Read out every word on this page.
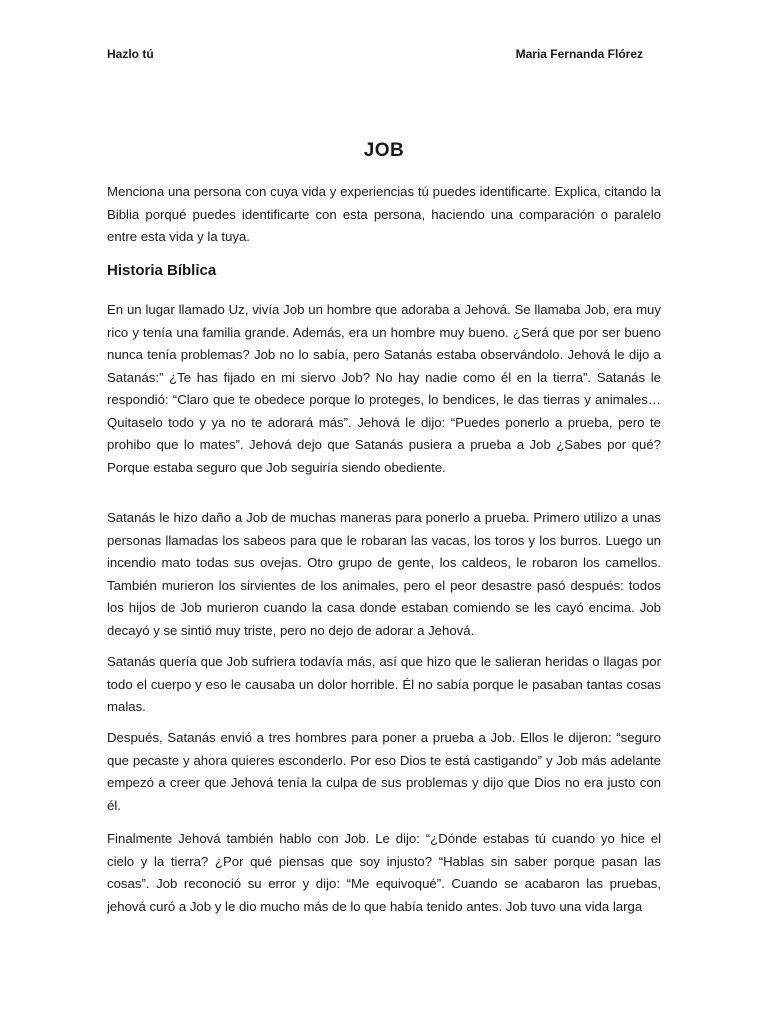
Hazlo tú	Maria Fernanda Flórez
JOB

Menciona una persona con cuya vida y experiencias tú puedes identificarte. Explica, citando la Biblia porqué puedes identificarte con esta persona, haciendo una comparación o paralelo entre esta vida y la tuya.

Historia Bíblica

En un lugar llamado Uz, vivía Job un hombre que adoraba a Jehová. Se llamaba Job, era muy rico y tenía una familia grande. Además, era un hombre muy bueno. ¿Será que por ser bueno nunca tenía problemas? Job no lo sabía, pero Satanás estaba observándolo. Jehová le dijo a Satanás:” ¿Te has fijado en mi siervo Job? No hay nadie como él en la tierra”. Satanás le respondió: “Claro que te obedece porque lo proteges, lo bendices, le das tierras y animales… Quitaselo todo y ya no te adorará más”. Jehová le dijo: “Puedes ponerlo a prueba, pero te prohibo que lo mates”. Jehová dejo que Satanás pusiera a prueba a Job ¿Sabes por qué? Porque estaba seguro que Job seguiría siendo obediente.

Satanás le hizo daño a Job de muchas maneras para ponerlo a prueba. Primero utilizo a unas personas llamadas los sabeos para que le robaran las vacas, los toros y los burros. Luego un incendio mato todas sus ovejas. Otro grupo de gente, los caldeos, le robaron los camellos. También murieron los sirvientes de los animales, pero el peor desastre pasó después: todos los hijos de Job murieron cuando la casa donde estaban comiendo se les cayó encima. Job decayó y se sintió muy triste, pero no dejo de adorar a Jehová.

Satanás quería que Job sufriera todavía más, así que hizo que le salieran heridas o llagas por todo el cuerpo y eso le causaba un dolor horrible. Él no sabía porque le pasaban tantas cosas malas.

Después, Satanás envió a tres hombres para poner a prueba a Job. Ellos le dijeron: “seguro que pecaste y ahora quieres esconderlo. Por eso Dios te está castigando” y Job más adelante empezó a creer que Jehová tenía la culpa de sus problemas y dijo que Dios no era justo con él.

Finalmente Jehová también hablo con Job. Le dijo: “¿Dónde estabas tú cuando yo hice el cielo y la tierra? ¿Por qué piensas que soy injusto? “Hablas sin saber porque pasan las cosas”. Job reconoció su error y dijo: “Me equivoqué”. Cuando se acabaron las pruebas, jehová curó a Job y le dio mucho más de lo que había tenido antes. Job tuvo una vida larga
